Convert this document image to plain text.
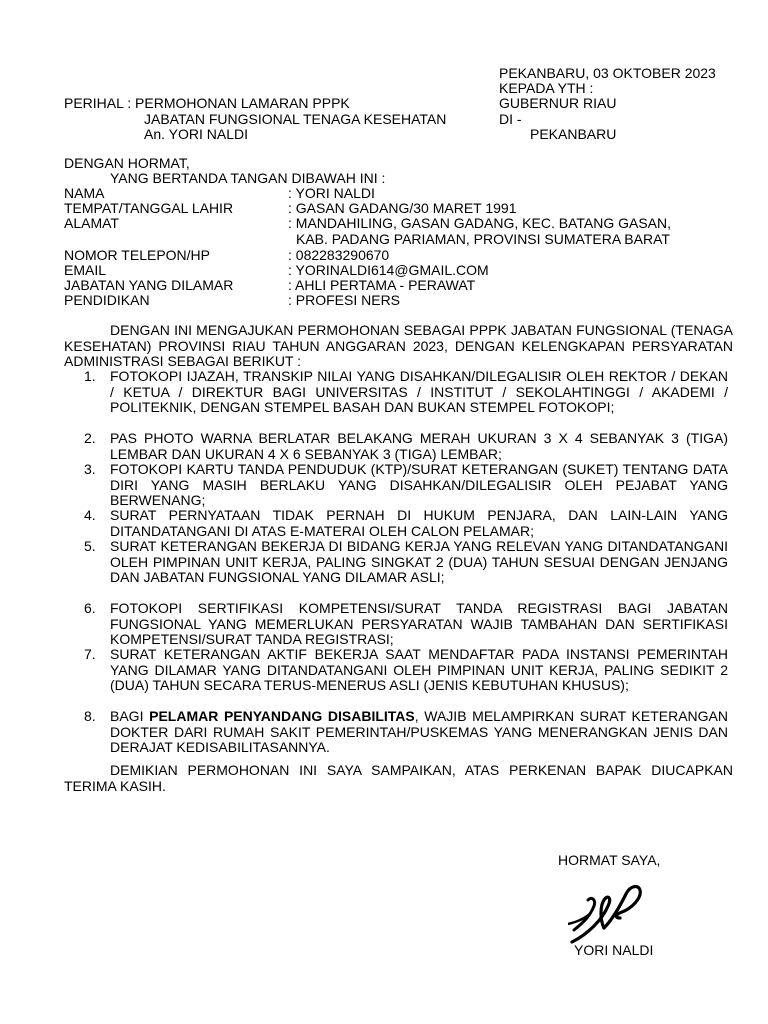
PEKANBARU, 03 OKTOBER 2023
KEPADA YTH :
GUBERNUR RIAU
DI -
PEKANBARU
PERIHAL : PERMOHONAN LAMARAN PPPK
JABATAN FUNGSIONAL TENAGA KESEHATAN
An. YORI NALDI
DENGAN HORMAT,
YANG BERTANDA TANGAN DIBAWAH INI :
NAMA	: YORI NALDI
TEMPAT/TANGGAL LAHIR	: GASAN GADANG/30 MARET 1991
ALAMAT	: MANDAHILING, GASAN GADANG, KEC. BATANG GASAN,
KAB. PADANG PARIAMAN, PROVINSI SUMATERA BARAT
NOMOR TELEPON/HP	: 082283290670
EMAIL	: YORINALDI614@GMAIL.COM
JABATAN YANG DILAMAR	: AHLI PERTAMA - PERAWAT
PENDIDIKAN	: PROFESI NERS
DENGAN INI MENGAJUKAN PERMOHONAN SEBAGAI PPPK JABATAN FUNGSIONAL (TENAGA KESEHATAN) PROVINSI RIAU TAHUN ANGGARAN 2023, DENGAN KELENGKAPAN PERSYARATAN ADMINISTRASI SEBAGAI BERIKUT :
1. FOTOKOPI IJAZAH, TRANSKIP NILAI YANG DISAHKAN/DILEGALISIR OLEH REKTOR / DEKAN / KETUA / DIREKTUR BAGI UNIVERSITAS / INSTITUT / SEKOLAHTINGGI / AKADEMI / POLITEKNIK, DENGAN STEMPEL BASAH DAN BUKAN STEMPEL FOTOKOPI;
2. PAS PHOTO WARNA BERLATAR BELAKANG MERAH UKURAN 3 X 4 SEBANYAK 3 (TIGA) LEMBAR DAN UKURAN 4 X 6 SEBANYAK 3 (TIGA) LEMBAR;
3. FOTOKOPI KARTU TANDA PENDUDUK (KTP)/SURAT KETERANGAN (SUKET) TENTANG DATA DIRI YANG MASIH BERLAKU YANG DISAHKAN/DILEGALISIR OLEH PEJABAT YANG BERWENANG;
4. SURAT PERNYATAAN TIDAK PERNAH DI HUKUM PENJARA, DAN LAIN-LAIN YANG DITANDATANGANI DI ATAS E-MATERAI OLEH CALON PELAMAR;
5. SURAT KETERANGAN BEKERJA DI BIDANG KERJA YANG RELEVAN YANG DITANDATANGANI OLEH PIMPINAN UNIT KERJA, PALING SINGKAT 2 (DUA) TAHUN SESUAI DENGAN JENJANG DAN JABATAN FUNGSIONAL YANG DILAMAR ASLI;
6. FOTOKOPI SERTIFIKASI KOMPETENSI/SURAT TANDA REGISTRASI BAGI JABATAN FUNGSIONAL YANG MEMERLUKAN PERSYARATAN WAJIB TAMBAHAN DAN SERTIFIKASI KOMPETENSI/SURAT TANDA REGISTRASI;
7. SURAT KETERANGAN AKTIF BEKERJA SAAT MENDAFTAR PADA INSTANSI PEMERINTAH YANG DILAMAR YANG DITANDATANGANI OLEH PIMPINAN UNIT KERJA, PALING SEDIKIT 2 (DUA) TAHUN SECARA TERUS-MENERUS ASLI (JENIS KEBUTUHAN KHUSUS);
8. BAGI PELAMAR PENYANDANG DISABILITAS, WAJIB MELAMPIRKAN SURAT KETERANGAN DOKTER DARI RUMAH SAKIT PEMERINTAH/PUSKEMAS YANG MENERANGKAN JENIS DAN DERAJAT KEDISABILITASANNYA.
DEMIKIAN PERMOHONAN INI SAYA SAMPAIKAN, ATAS PERKENAN BAPAK DIUCAPKAN TERIMA KASIH.
HORMAT SAYA,
YORI NALDI
